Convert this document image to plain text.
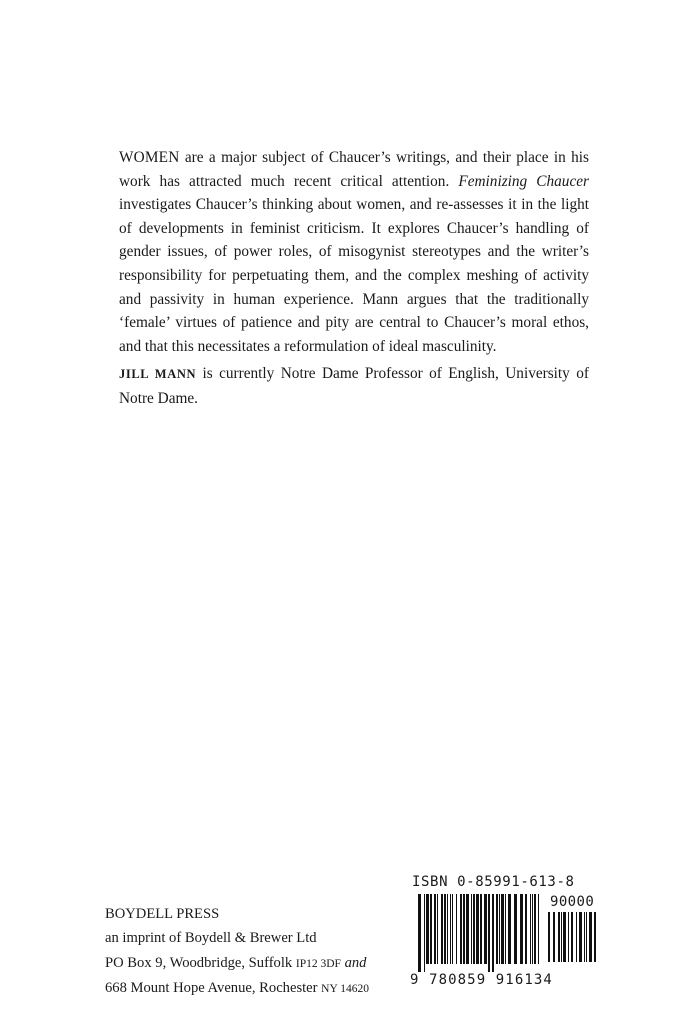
WOMEN are a major subject of Chaucer’s writings, and their place in his work has attracted much recent critical attention. Feminizing Chaucer investigates Chaucer’s thinking about women, and re-assesses it in the light of developments in feminist criticism. It explores Chaucer’s handling of gender issues, of power roles, of misogynist stereotypes and the writer’s responsibility for perpetuating them, and the complex meshing of activity and passivity in human experience. Mann argues that the traditionally ‘female’ virtues of patience and pity are central to Chaucer’s moral ethos, and that this necessitates a reformulation of ideal masculinity.

JILL MANN is currently Notre Dame Professor of English, University of Notre Dame.

BOYDELL PRESS
an imprint of Boydell & Brewer Ltd
PO Box 9, Woodbridge, Suffolk IP12 3DF and
668 Mount Hope Avenue, Rochester NY 14620
ISBN 0-85991-613-8
90000
9 780859 916134
